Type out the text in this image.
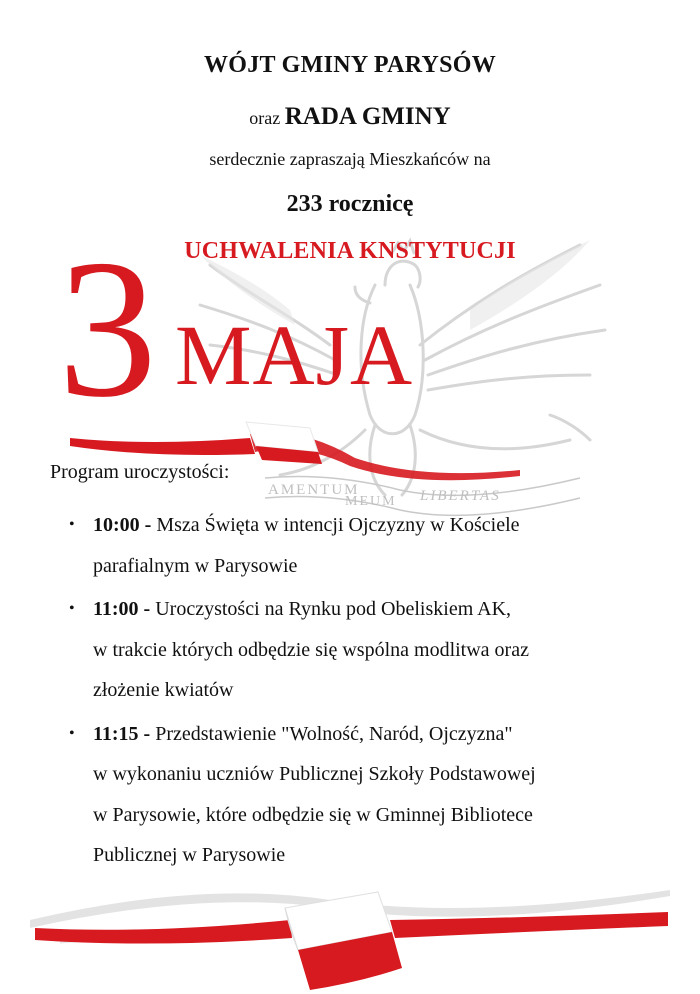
AMENTUM
MEUM LIBERTAS
WÓJT GMINY PARYSÓW
oraz RADA GMINY
serdecznie zapraszają Mieszkańców na
233 rocznicę
UCHWALENIA KNSTYTUCJI
3 MAJA
Program uroczystości:
• 10:00 - Msza Święta w intencji Ojczyzny w Kościele
parafialnym w Parysowie
• 11:00 - Uroczystości na Rynku pod Obeliskiem AK,
w trakcie których odbędzie się wspólna modlitwa oraz
złożenie kwiatów
• 11:15 - Przedstawienie "Wolność, Naród, Ojczyzna"
w wykonaniu uczniów Publicznej Szkoły Podstawowej
w Parysowie, które odbędzie się w Gminnej Bibliotece
Publicznej w Parysowie
